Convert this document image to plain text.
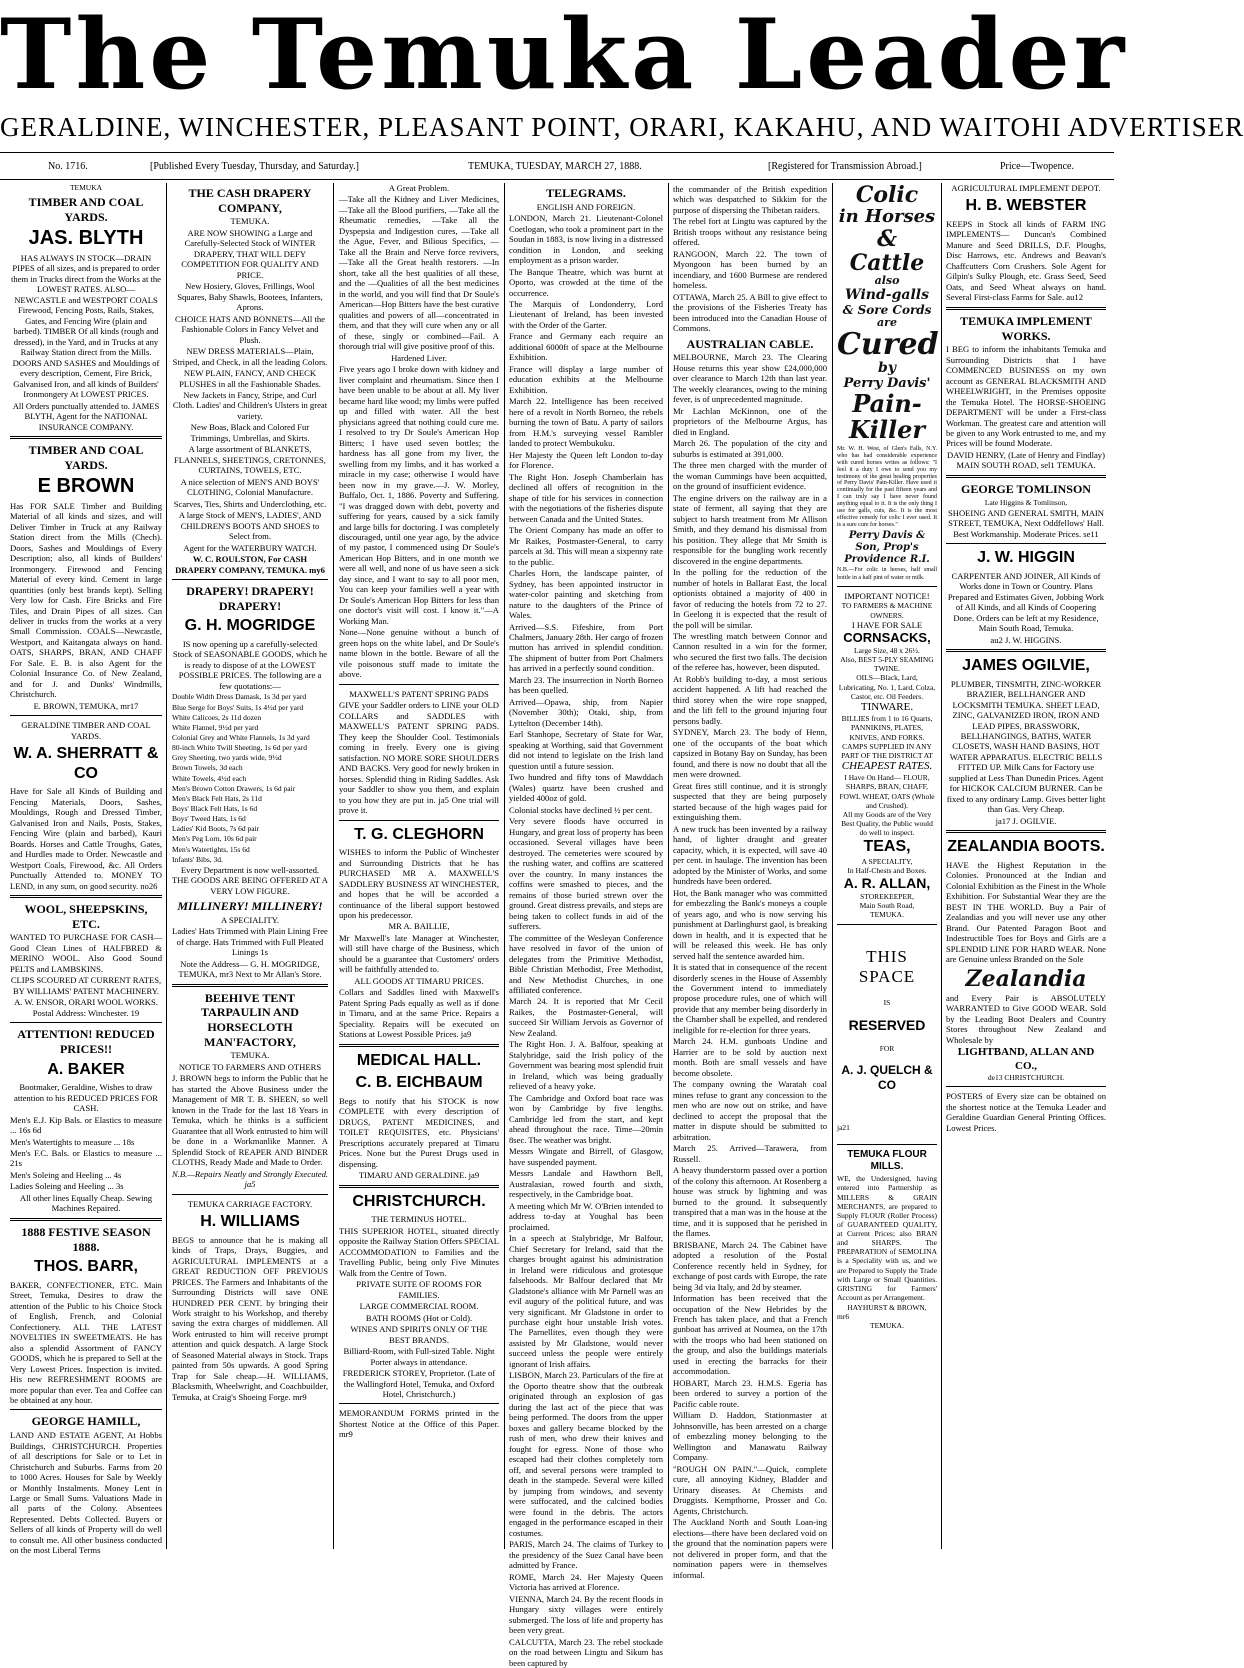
The Temuka Leader
GERALDINE, WINCHESTER, PLEASANT POINT, ORARI, KAKAHU, AND WAITOHI ADVERTISER
No. 1716.	[Published Every Tuesday, Thursday, and Saturday.]	TEMUKA, TUESDAY, MARCH 27, 1888.	[Registered for Transmission Abroad.]	Price—Twopence.
TEMUKA
TIMBER AND COAL YARDS.
JAS. BLYTH

HAS ALWAYS IN STOCK—DRAIN PIPES of all sizes, and is prepared to order them in Trucks direct from the Works at the LOWEST RATES. ALSO— NEWCASTLE and WESTPORT COALS Firewood, Fencing Posts, Rails, Stakes, Gates, and Fencing Wire (plain and barbed). TIMBER Of all kinds (rough and dressed), in the Yard, and in Trucks at any Railway Station direct from the Mills. DOORS AND SASHES and Mouldings of every description, Cement, Fire Brick, Galvanised Iron, and all kinds of Builders' Ironmongery At LOWEST PRICES.

All Orders punctually attended to. JAMES BLYTH, Agent for the NATIONAL INSURANCE COMPANY.

TIMBER AND COAL YARDS.
E BROWN

Has FOR SALE Timber and Building Material of all kinds and sizes, and will Deliver Timber in Truck at any Railway Station direct from the Mills (Chech). Doors, Sashes and Mouldings of Every Description; also, all kinds of Builders' Ironmongery. Firewood and Fencing Material of every kind. Cement in large quantities (only best brands kept). Selling Very low for Cash. Fire Bricks and Fire Tiles, and Drain Pipes of all sizes. Can deliver in trucks from the works at a very Small Commission. COALS—Newcastle, Westport, and Kaitangata always on hand. OATS, SHARPS, BRAN, AND CHAFF For Sale. E. B. is also Agent for the Colonial Insurance Co. of New Zealand, and for J. and Dunks' Windmills, Christchurch.

E. BROWN, TEMUKA, mr17

GERALDINE TIMBER AND COAL YARDS.
W. A. SHERRATT & CO

Have for Sale all Kinds of Building and Fencing Materials, Doors, Sashes, Mouldings, Rough and Dressed Timber, Galvanised Iron and Nails, Posts, Stakes, Fencing Wire (plain and barbed), Kauri Boards. Horses and Cattle Troughs, Gates, and Hurdles made to Order. Newcastle and Westport Coals, Firewood, &c. All Orders Punctually Attended to. MONEY TO LEND, in any sum, on good security. no26

WOOL, SHEEPSKINS, ETC.

WANTED TO PURCHASE FOR CASH—Good Clean Lines of HALFBRED & MERINO WOOL. Also Good Sound PELTS and LAMBSKINS.

CLIPS SCOURED AT CURRENT RATES, BY WILLIAMS' PATENT MACHINERY.

A. W. ENSOR, ORARI WOOL WORKS. Postal Address: Winchester. 19

ATTENTION! REDUCED PRICES!!
A. BAKER

Bootmaker, Geraldine, Wishes to draw attention to his REDUCED PRICES FOR CASH.

Men's E.J. Kip Bals. or Elastics to measure ... 16s 6d

Men's Watertights to measure ... 18s

Men's F.C. Bals. or Elastics to measure ... 21s

Men's Soleing and Heeling ... 4s

Ladies Soleing and Heeling ... 3s

All other lines Equally Cheap. Sewing Machines Repaired.

1888 FESTIVE SEASON 1888.
THOS. BARR,

BAKER, CONFECTIONER, ETC. Main Street, Temuka, Desires to draw the attention of the Public to his Choice Stock of English, French, and Colonial Confectionery. ALL THE LATEST NOVELTIES IN SWEETMEATS. He has also a splendid Assortment of FANCY GOODS, which he is prepared to Sell at the Very Lowest Prices. Inspection is invited. His new REFRESHMENT ROOMS are more popular than ever. Tea and Coffee can be obtained at any hour.

GEORGE HAMILL,

LAND AND ESTATE AGENT, At Hobbs Buildings, CHRISTCHURCH. Properties of all descriptions for Sale or to Let in Christchurch and Suburbs. Farms from 20 to 1000 Acres. Houses for Sale by Weekly or Monthly Instalments. Money Lent in Large or Small Sums. Valuations Made in all parts of the Colony. Absentees Represented. Debts Collected. Buyers or Sellers of all kinds of Property will do well to consult me. All other business conducted on the most Liberal Terms

THE CASH DRAPERY COMPANY,
TEMUKA.

ARE NOW SHOWING a Large and Carefully-Selected Stock of WINTER DRAPERY, THAT WILL DEFY COMPETITION FOR QUALITY AND PRICE.

New Hosiery, Gloves, Frillings, Wool Squares, Baby Shawls, Bootees, Infanters, Aprons.

CHOICE HATS AND BONNETS—All the Fashionable Colors in Fancy Velvet and Plush.

NEW DRESS MATERIALS—Plain, Striped, and Check, in all the leading Colors.

NEW PLAIN, FANCY, AND CHECK PLUSHES in all the Fashionable Shades.

New Jackets in Fancy, Stripe, and Curl Cloth. Ladies' and Children's Ulsters in great variety.

New Boas, Black and Colored Fur Trimmings, Umbrellas, and Skirts.

A large assortment of BLANKETS, FLANNELS, SHEETINGS, CRETONNES, CURTAINS, TOWELS, ETC.

A nice selection of MEN'S AND BOYS' CLOTHING, Colonial Manufacture.

Scarves, Ties, Shirts and Underclothing, etc.

A large Stock of MEN'S, LADIES', AND CHILDREN'S BOOTS AND SHOES to Select from.

Agent for the WATERBURY WATCH.

W. C. ROULSTON, For CASH DRAPERY COMPANY, TEMUKA. my6

DRAPERY! DRAPERY! DRAPERY!
G. H. MOGRIDGE

IS now opening up a carefully-selected Stock of SEASONABLE GOODS, which he is ready to dispose of at the LOWEST POSSIBLE PRICES. The following are a few quotations:—

Double Width Dress Damask, 1s 3d per yard

Blue Serge for Boys' Suits, 1s 4½d per yard

White Calicoes, 2s 11d dozen

White Flannel, 9½d per yard

Colonial Grey and White Flannels, 1s 3d yard

80-inch White Twill Sheeting, 1s 6d per yard

Grey Sheeting, two yards wide, 9½d

Brown Towels, 3d each

White Towels, 4½d each

Men's Brown Cotton Drawers, 1s 6d pair

Men's Black Felt Hats, 2s 11d

Boys' Black Felt Hats, 1s 6d

Boys' Tweed Hats, 1s 6d

Ladies' Kid Boots, 7s 6d pair

Men's Peg Lorn, 10s 6d pair

Men's Watertights, 15s 6d

Infants' Bibs, 3d.

Every Department is now well-assorted. THE GOODS ARE BEING OFFERED AT A VERY LOW FIGURE.

MILLINERY! MILLINERY!
A SPECIALITY.

Ladies' Hats Trimmed with Plain Lining Free of charge. Hats Trimmed with Full Pleated Linings 1s

Note the Address— G. H. MOGRIDGE, TEMUKA, mr3 Next to Mr Allan's Store.

BEEHIVE TENT TARPAULIN AND HORSECLOTH MAN'FACTORY,
TEMUKA.

NOTICE TO FARMERS AND OTHERS

J. BROWN begs to inform the Public that he has started the Above Business under the Management of MR T. B. SHEEN, so well known in the Trade for the last 18 Years in Temuka, which he thinks is a sufficient Guarantee that all Work entrusted to him will be done in a Workmanlike Manner. A Splendid Stock of REAPER AND BINDER CLOTHS, Ready Made and Made to Order.

N.B.—Repairs Neatly and Strongly Executed. ja5

TEMUKA CARRIAGE FACTORY.
H. WILLIAMS

BEGS to announce that he is making all kinds of Traps, Drays, Buggies, and AGRICULTURAL IMPLEMENTS at a GREAT REDUCTION OFF PREVIOUS PRICES. The Farmers and Inhabitants of the Surrounding Districts will save ONE HUNDRED PER CENT. by bringing their Work straight to his Workshop, and thereby saving the extra charges of middlemen. All Work entrusted to him will receive prompt attention and quick despatch. A large Stock of Seasoned Material always in Stock. Traps painted from 50s upwards. A good Spring Trap for Sale cheap.—H. WILLIAMS, Blacksmith, Wheelwright, and Coachbuilder, Temuka, at Craig's Shoeing Forge. mr9

A Great Problem.

—Take all the Kidney and Liver Medicines, —Take all the Blood purifiers, —Take all the Rheumatic remedies, —Take all the Dyspepsia and Indigestion cures, —Take all the Ague, Fever, and Bilious Specifics, —Take all the Brain and Nerve force revivers, —Take all the Great health restorers. —In short, take all the best qualities of all these, and the —Qualities of all the best medicines in the world, and you will find that Dr Soule's American—Hop Bitters have the best curative qualities and powers of all—concentrated in them, and that they will cure when any or all of these, singly or combined—Fail. A thorough trial will give positive proof of this.

Hardened Liver.

Five years ago I broke down with kidney and liver complaint and rheumatism. Since then I have been unable to be about at all. My liver became hard like wood; my limbs were puffed up and filled with water. All the best physicians agreed that nothing could cure me. I resolved to try Dr Soule's American Hop Bitters; I have used seven bottles; the hardness has all gone from my liver, the swelling from my limbs, and it has worked a miracle in my case; otherwise I would have been now in my grave.—J. W. Morley, Buffalo, Oct. 1, 1886. Poverty and Suffering. "I was dragged down with debt, poverty and suffering for years, caused by a sick family and large bills for doctoring. I was completely discouraged, until one year ago, by the advice of my pastor, I commenced using Dr Soule's American Hop Bitters, and in one month we were all well, and none of us have seen a sick day since, and I want to say to all poor men, You can keep your families well a year with Dr Soule's American Hop Bitters for less than one doctor's visit will cost. I know it."—A Working Man.

None—None genuine without a bunch of green hops on the white label, and Dr Soule's name blown in the bottle. Beware of all the vile poisonous stuff made to imitate the above.

MAXWELL'S PATENT SPRING PADS

GIVE your Saddler orders to LINE your OLD COLLARS and SADDLES with MAXWELL'S PATENT SPRING PADS. They keep the Shoulder Cool. Testimonials coming in freely. Every one is giving satisfaction. NO MORE SORE SHOULDERS AND BACKS. Very good for newly broken in horses. Splendid thing in Riding Saddles. Ask your Saddler to show you them, and explain to you how they are put in. ja5 One trial will prove it.

T. G. CLEGHORN

WISHES to inform the Public of Winchester and Surrounding Districts that he has PURCHASED MR A. MAXWELL'S SADDLERY BUSINESS AT WINCHESTER, and hopes that he will be accorded a continuance of the liberal support bestowed upon his predecessor.

MR A. BAILLIE,

Mr Maxwell's late Manager at Winchester, will still have charge of the Business, which should be a guarantee that Customers' orders will be faithfully attended to.

ALL GOODS AT TIMARU PRICES.

Collars and Saddles lined with Maxwell's Patent Spring Pads equally as well as if done in Timaru, and at the same Price. Repairs a Speciality. Repairs will be executed on Stations at Lowest Possible Prices. ja9

MEDICAL HALL.
C. B. EICHBAUM

Begs to notify that his STOCK is now COMPLETE with every description of DRUGS, PATENT MEDICINES, and TOILET REQUISITES, etc. Physicians' Prescriptions accurately prepared at Timaru Prices. None but the Purest Drugs used in dispensing.

TIMARU AND GERALDINE. ja9

CHRISTCHURCH.
THE TERMINUS HOTEL.

THIS SUPERIOR HOTEL, situated directly opposite the Railway Station Offers SPECIAL ACCOMMODATION to Families and the Travelling Public, being only Five Minutes Walk from the Centre of Town.

PRIVATE SUITE OF ROOMS FOR FAMILIES.

LARGE COMMERCIAL ROOM.

BATH ROOMS (Hot or Cold).

WINES AND SPIRITS ONLY OF THE BEST BRANDS.

Billiard-Room, with Full-sized Table. Night Porter always in attendance.

FREDERICK STOREY, Proprietor. (Late of the Wallingford Hotel, Temuka, and Oxford Hotel, Christchurch.)

MEMORANDUM FORMS printed in the Shortest Notice at the Office of this Paper. mr9

TELEGRAMS.
ENGLISH AND FOREIGN.

LONDON, March 21. Lieutenant-Colonel Coetlogan, who took a prominent part in the Soudan in 1883, is now living in a distressed condition in London, and seeking employment as a prison warder.

The Banque Theatre, which was burnt at Oporto, was crowded at the time of the occurrence.

The Marquis of Londonderry, Lord Lieutenant of Ireland, has been invested with the Order of the Garter.

France and Germany each require an additional 6000ft of space at the Melbourne Exhibition.

France will display a large number of education exhibits at the Melbourne Exhibition.

March 22. Intelligence has been received here of a revolt in North Borneo, the rebels burning the town of Batu. A party of sailors from H.M.'s surveying vessel Rambler landed to protect Wembukuku.

Her Majesty the Queen left London to-day for Florence.

The Right Hon. Joseph Chamberlain has declined all offers of recognition in the shape of title for his services in connection with the negotiations of the fisheries dispute between Canada and the United States.

The Orient Company has made an offer to Mr Raikes, Postmaster-General, to carry parcels at 3d. This will mean a sixpenny rate to the public.

Charles Horn, the landscape painter, of Sydney, has been appointed instructor in water-color painting and sketching from nature to the daughters of the Prince of Wales.

Arrived—S.S. Fifeshire, from Port Chalmers, January 28th. Her cargo of frozen mutton has arrived in splendid condition. The shipment of butter from Port Chalmers has arrived in a perfectly sound condition.

March 23. The insurrection in North Borneo has been quelled.

Arrived—Opawa, ship, from Napier (November 30th); Otaki, ship, from Lyttelton (December 14th).

Earl Stanhope, Secretary of State for War, speaking at Worthing, said that Government did not intend to legislate on the Irish land question until a future session.

Two hundred and fifty tons of Mawddach (Wales) quartz have been crushed and yielded 400oz of gold.

Colonial stocks have declined ½ per cent.

Very severe floods have occurred in Hungary, and great loss of property has been occasioned. Several villages have been destroyed. The cemeteries were scoured by the rushing water, and coffins are scattered over the country. In many instances the coffins were smashed to pieces, and the remains of those buried strewn over the ground. Great distress prevails, and steps are being taken to collect funds in aid of the sufferers.

The committee of the Wesleyan Conference have resolved in favor of the union of delegates from the Primitive Methodist, Bible Christian Methodist, Free Methodist, and New Methodist Churches, in one affiliated conference.

March 24. It is reported that Mr Cecil Raikes, the Postmaster-General, will succeed Sir William Jervois as Governor of New Zealand.

The Right Hon. J. A. Balfour, speaking at Stalybridge, said the Irish policy of the Government was bearing most splendid fruit in Ireland, which was being gradually relieved of a heavy yoke.

The Cambridge and Oxford boat race was won by Cambridge by five lengths. Cambridge led from the start, and kept ahead throughout the race. Time—20min 8sec. The weather was bright.

Messrs Wingate and Birrell, of Glasgow, have suspended payment.

Messrs Landale and Hawthorn Bell, Australasian, rowed fourth and sixth, respectively, in the Cambridge boat.

A meeting which Mr W. O'Brien intended to address to-day at Youghal has been proclaimed.

In a speech at Stalybridge, Mr Balfour, Chief Secretary for Ireland, said that the charges brought against his administration in Ireland were ridiculous and grotesque falsehoods. Mr Balfour declared that Mr Gladstone's alliance with Mr Parnell was an evil augury of the political future, and was very significant. Mr Gladstone in order to purchase eight hour unstable Irish votes. The Parnellites, even though they were assisted by Mr Gladstone, would never succeed unless the people were entirely ignorant of Irish affairs.

LISBON, March 23. Particulars of the fire at the Oporto theatre show that the outbreak originated through an explosion of gas during the last act of the piece that was being performed. The doors from the upper boxes and gallery became blocked by the rush of men, who drew their knives and fought for egress. None of those who escaped had their clothes completely torn off, and several persons were trampled to death in the stampede. Several were killed by jumping from windows, and seventy were suffocated, and the calcined bodies were found in the debris. The actors engaged in the performance escaped in their costumes.

PARIS, March 24. The claims of Turkey to the presidency of the Suez Canal have been admitted by France.

ROME, March 24. Her Majesty Queen Victoria has arrived at Florence.

VIENNA, March 24. By the recent floods in Hungary sixty villages were entirely submerged. The loss of life and property has been very great.

CALCUTTA, March 23. The rebel stockade on the road between Lingtu and Sikum has been captured by

the commander of the British expedition which was despatched to Sikkim for the purpose of dispersing the Thibetan raiders.

The rebel fort at Lingtu was captured by the British troops without any resistance being offered.

RANGOON, March 22. The town of Myongoon has been burned by an incendiary, and 1600 Burmese are rendered homeless.

OTTAWA, March 25. A Bill to give effect to the provisions of the Fisheries Treaty has been introduced into the Canadian House of Commons.

AUSTRALIAN CABLE.

MELBOURNE, March 23. The Clearing House returns this year show £24,000,000 over clearance to March 12th than last year. The weekly clearances, owing to the mining fever, is of unprecedented magnitude.

Mr Lachlan McKinnon, one of the proprietors of the Melbourne Argus, has died in England.

March 26. The population of the city and suburbs is estimated at 391,000.

The three men charged with the murder of the woman Cummings have been acquitted, on the ground of insufficient evidence.

The engine drivers on the railway are in a state of ferment, all saying that they are subject to harsh treatment from Mr Allison Smith, and they demand his dismissal from his position. They allege that Mr Smith is responsible for the bungling work recently discovered in the engine departments.

In the polling for the reduction of the number of hotels in Ballarat East, the local optionists obtained a majority of 400 in favor of reducing the hotels from 72 to 27. In Geelong it is expected that the result of the poll will be similar.

The wrestling match between Connor and Cannon resulted in a win for the former, who secured the first two falls. The decision of the referee has, however, been disputed.

At Robb's building to-day, a most serious accident happened. A lift had reached the third storey when the wire rope snapped, and the lift fell to the ground injuring four persons badly.

SYDNEY, March 23. The body of Henn, one of the occupants of the boat which capsized in Botany Bay on Sunday, has been found, and there is now no doubt that all the men were drowned.

Great fires still continue, and it is strongly suspected that they are being purposely started because of the high wages paid for extinguishing them.

A new truck has been invented by a railway hand, of lighter draught and greater capacity, which, it is expected, will save 40 per cent. in haulage. The invention has been adopted by the Minister of Works, and some hundreds have been ordered.

Hot, the Bank manager who was committed for embezzling the Bank's moneys a couple of years ago, and who is now serving his punishment at Darlinghurst gaol, is breaking down in health, and it is expected that he will be released this week. He has only served half the sentence awarded him.

It is stated that in consequence of the recent disorderly scenes in the House of Assembly the Government intend to immediately propose procedure rules, one of which will provide that any member being disorderly in the Chamber shall be expelled, and rendered ineligible for re-election for three years.

March 24. H.M. gunboats Undine and Harrier are to be sold by auction next month. Both are small vessels and have become obsolete.

The company owning the Waratah coal mines refuse to grant any concession to the men who are now out on strike, and have declined to accept the proposal that the matter in dispute should be submitted to arbitration.

March 25. Arrived—Tarawera, from Russell.

A heavy thunderstorm passed over a portion of the colony this afternoon. At Rosenberg a house was struck by lightning and was burned to the ground. It subsequently transpired that a man was in the house at the time, and it is supposed that he perished in the flames.

BRISBANE, March 24. The Cabinet have adopted a resolution of the Postal Conference recently held in Sydney, for exchange of post cards with Europe, the rate being 3d via Italy, and 2d by steamer.

Information has been received that the occupation of the New Hebrides by the French has taken place, and that a French gunboat has arrived at Noumea, on the 17th with the troops who had been stationed on the group, and also the buildings materials used in erecting the barracks for their accommodation.

HOBART, March 23. H.M.S. Egeria has been ordered to survey a portion of the Pacific cable route.

William D. Haddon, Stationmaster at Johnsonville, has been arrested on a charge of embezzling money belonging to the Wellington and Manawatu Railway Company.

"ROUGH ON PAIN."—Quick, complete cure, all annoying Kidney, Bladder and Urinary diseases. At Chemists and Druggists. Kempthorne, Prosser and Co. Agents, Christchurch.

The Auckland North and South Loan-ing elections—there have been declared void on the ground that the nomination papers were not delivered in proper form, and that the nomination papers were in themselves informal.

Colic
in Horses
& Cattle
also
Wind-galls
& Sore Cords
are
Cured
by
Perry Davis'
Pain-
Killer

Mr. W. H. West, of Glen's Falls, N.Y. who has had considerable experience with cured horses writes as follows: "I feel it a duty I owe to send you my testimony of the great healing properties of Perry Davis' Pain-Killer. Have used it continually for the past fifteen years and I can truly say I have never found anything equal to it. It is the only thing I use for galls, cuts, &c. It is the most effective remedy for colic I ever used. It is a sure cure for horses."

Perry Davis & Son, Prop's
Providence R.I.

N.B.—For colic in horses, half small bottle in a half pint of water or milk.

IMPORTANT NOTICE!
TO FARMERS & MACHINE OWNERS.
I HAVE FOR SALE
CORNSACKS,
Large Size, 48 x 26½.
Also, BEST 5-PLY SEAMING TWINE.
OILS—Black, Lard, Lubricating, No. 1, Lard, Colza, Castor, etc. Oil Feeders.
TINWARE.
BILLIES from 1 to 16 Quarts, PANNIKINS, PLATES, KNIVES, AND FORKS.
CAMPS SUPPLIED IN ANY PART OF THE DISTRICT AT
CHEAPEST RATES.
I Have On Hand— FLOUR, SHARPS, BRAN, CHAFF, FOWL WHEAT, OATS (Whole and Crushed).
All my Goods are of the Very Best Quality, the Public would do well to inspect.
TEAS,
A SPECIALITY,
In Half-Chests and Boxes.
A. R. ALLAN,
STOREKEEPER,
Main South Road,
TEMUKA.
THIS SPACE
IS
RESERVED
FOR
A. J. QUELCH & CO
ja21
TEMUKA FLOUR MILLS.

WE, the Undersigned, having entered into Partnership as MILLERS & GRAIN MERCHANTS, are prepared to Supply FLOUR (Roller Process) of GUARANTEED QUALITY, at Current Prices; also BRAN and SHARPS. The PREPARATION of SEMOLINA is a Speciality with us, and we are Prepared to Supply the Trade with Large or Small Quantities. GRISTING for Farmers' Account as per Arrangement.

HAYHURST & BROWN,
mr6
TEMUKA.
AGRICULTURAL IMPLEMENT DEPOT.
H. B. WEBSTER

KEEPS in Stock all kinds of FARM ING IMPLEMENTS— Duncan's Combined Manure and Seed DRILLS, D.F. Ploughs, Disc Harrows, etc. Andrews and Beavan's Chaffcutters Corn Crushers. Sole Agent for Gilpin's Sulky Plough, etc. Grass Seed, Seed Oats, and Seed Wheat always on hand. Several First-class Farms for Sale. au12

TEMUKA IMPLEMENT WORKS.

I BEG to inform the inhabitants Temuka and Surrounding Districts that I have COMMENCED BUSINESS on my own account as GENERAL BLACKSMITH AND WHEELWRIGHT, in the Premises opposite the Temuka Hotel. The HORSE-SHOEING DEPARTMENT will be under a First-class Workman. The greatest care and attention will be given to any Work entrusted to me, and my Prices will be found Moderate.

DAVID HENRY, (Late of Henry and Findlay) MAIN SOUTH ROAD, sel1 TEMUKA.

GEORGE TOMLINSON
Late Higgins & Tomlinson,

SHOEING AND GENERAL SMITH, MAIN STREET, TEMUKA, Next Oddfellows' Hall. Best Workmanship. Moderate Prices. se11

J. W. HIGGIN

CARPENTER AND JOINER, All Kinds of Works done in Town or Country. Plans Prepared and Estimates Given, Jobbing Work of All Kinds, and all Kinds of Coopering Done. Orders can be left at my Residence, Main South Road, Temuka.

au2 J. W. HIGGINS.

JAMES OGILVIE,

PLUMBER, TINSMITH, ZINC-WORKER BRAZIER, BELLHANGER AND LOCKSMITH TEMUKA. SHEET LEAD, ZINC, GALVANIZED IRON, IRON AND LEAD PIPES, BRASSWORK, BELLHANGINGS, BATHS, WATER CLOSETS, WASH HAND BASINS, HOT WATER APPARATUS. ELECTRIC BELLS FITTED UP. Milk Cans for Factory use supplied at Less Than Dunedin Prices. Agent for HICKOK CALCIUM BURNER. Can be fixed to any ordinary Lamp. Gives better light than Gas. Very Cheap.

ja17 J. OGILVIE.

ZEALANDIA BOOTS.

HAVE the Highest Reputation in the Colonies. Pronounced at the Indian and Colonial Exhibition as the Finest in the Whole Exhibition. For Substantial Wear they are the BEST IN THE WORLD. Buy a Pair of Zealandias and you will never use any other Brand. Our Patented Paragon Boot and Indestructible Toes for Boys and Girls are a SPLENDID LINE FOR HARD WEAR. None are Genuine unless Branded on the Sole

Zealandia

and Every Pair is ABSOLUTELY WARRANTED to Give GOOD WEAR. Sold by the Leading Boot Dealers and Country Stores throughout New Zealand and Wholesale by

LIGHTBAND, ALLAN AND CO.,
de13 CHRISTCHURCH.

POSTERS of Every size can be obtained on the shortest notice at the Temuka Leader and Geraldine Guardian General Printing Offices. Lowest Prices.
